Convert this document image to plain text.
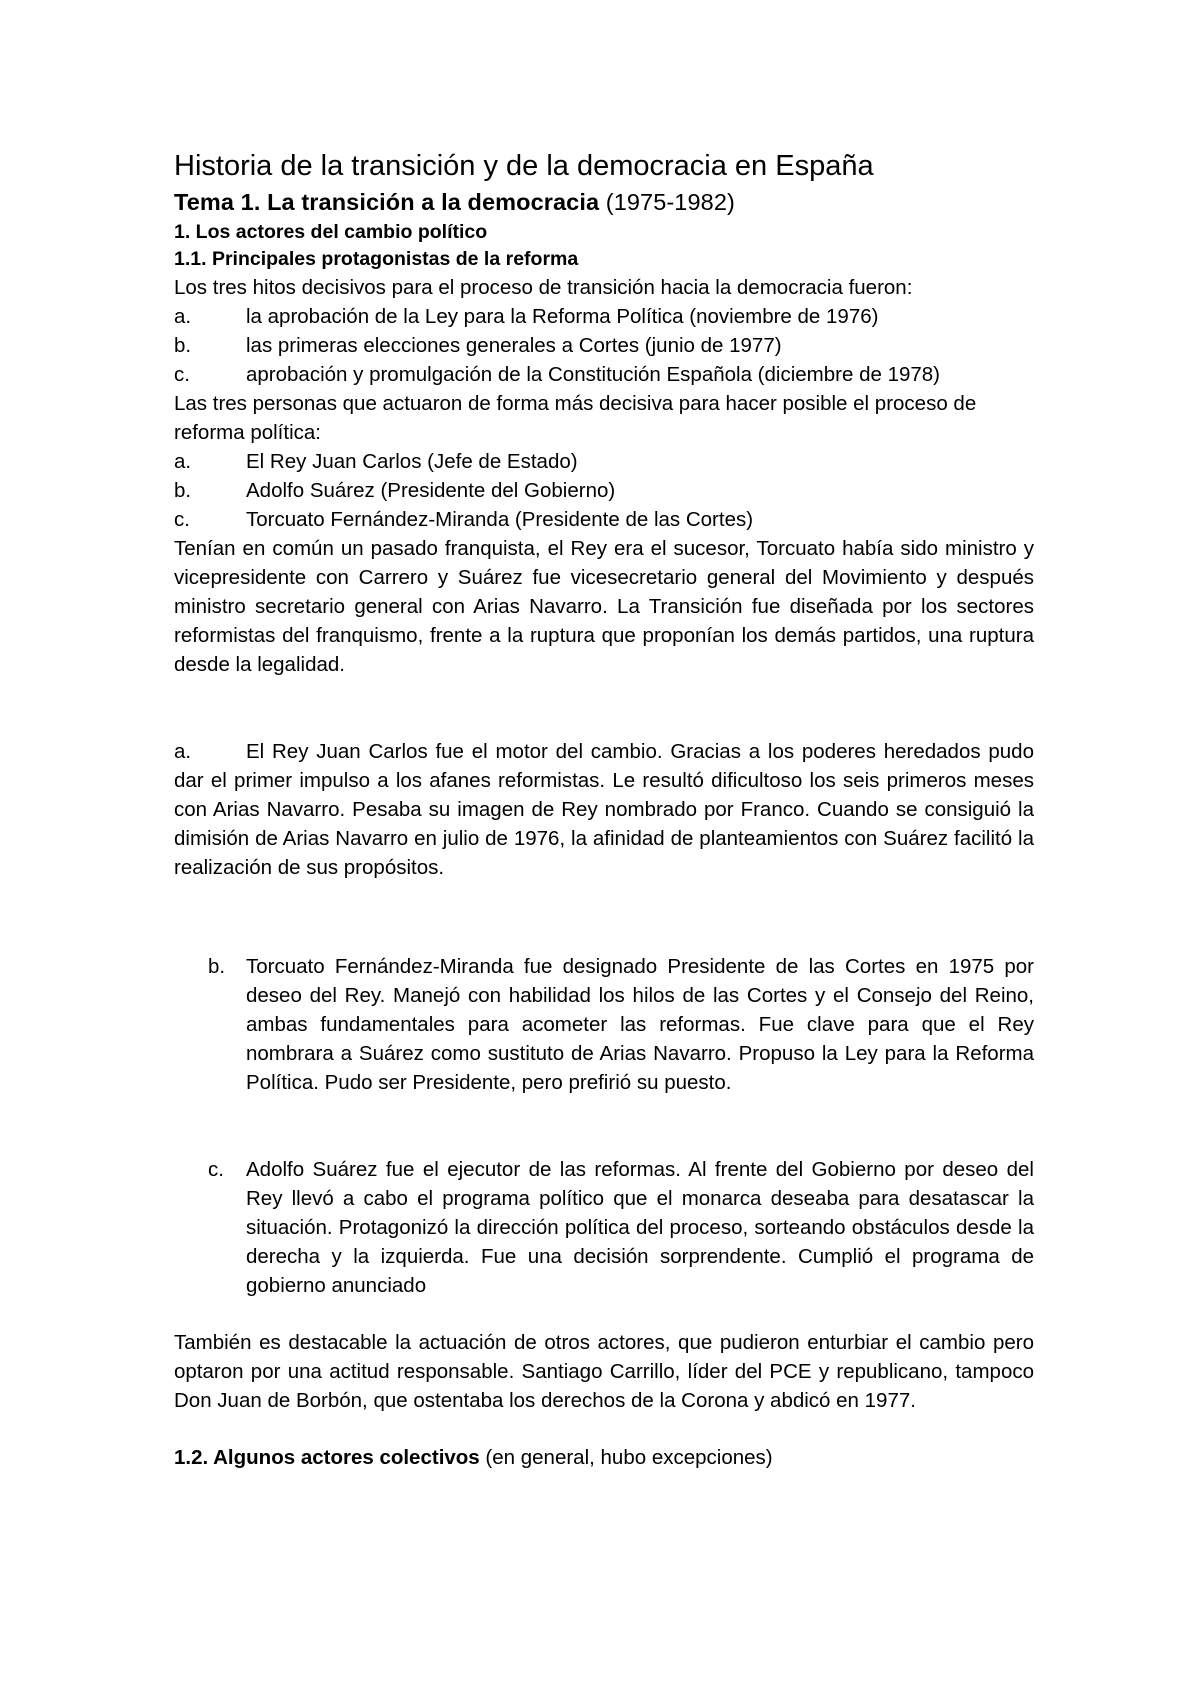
Historia de la transición y de la democracia en España
Tema 1. La transición a la democracia (1975-1982)
1. Los actores del cambio político
1.1. Principales protagonistas de la reforma
Los tres hitos decisivos para el proceso de transición hacia la democracia fueron:
a.	la aprobación de la Ley para la Reforma Política (noviembre de 1976)
b.	las primeras elecciones generales a Cortes (junio de 1977)
c.	aprobación y promulgación de la Constitución Española (diciembre de 1978)
Las tres personas que actuaron de forma más decisiva para hacer posible el proceso de reforma política:
a.	El Rey Juan Carlos (Jefe de Estado)
b.	Adolfo Suárez (Presidente del Gobierno)
c.	Torcuato Fernández-Miranda (Presidente de las Cortes)
Tenían en común un pasado franquista, el Rey era el sucesor, Torcuato había sido ministro y vicepresidente con Carrero y Suárez fue vicesecretario general del Movimiento y después ministro secretario general con Arias Navarro. La Transición fue diseñada por los sectores reformistas del franquismo, frente a la ruptura que proponían los demás partidos, una ruptura desde la legalidad.
a.	El Rey Juan Carlos fue el motor del cambio. Gracias a los poderes heredados pudo dar el primer impulso a los afanes reformistas. Le resultó dificultoso los seis primeros meses con Arias Navarro. Pesaba su imagen de Rey nombrado por Franco. Cuando se consiguió la dimisión de Arias Navarro en julio de 1976, la afinidad de planteamientos con Suárez facilitó la realización de sus propósitos.
b.	Torcuato Fernández-Miranda fue designado Presidente de las Cortes en 1975 por deseo del Rey. Manejó con habilidad los hilos de las Cortes y el Consejo del Reino, ambas fundamentales para acometer las reformas. Fue clave para que el Rey nombrara a Suárez como sustituto de Arias Navarro. Propuso la Ley para la Reforma Política. Pudo ser Presidente, pero prefirió su puesto.
c.	Adolfo Suárez fue el ejecutor de las reformas. Al frente del Gobierno por deseo del Rey llevó a cabo el programa político que el monarca deseaba para desatascar la situación. Protagonizó la dirección política del proceso, sorteando obstáculos desde la derecha y la izquierda. Fue una decisión sorprendente. Cumplió el programa de gobierno anunciado
También es destacable la actuación de otros actores, que pudieron enturbiar el cambio pero optaron por una actitud responsable. Santiago Carrillo, líder del PCE y republicano, tampoco Don Juan de Borbón, que ostentaba los derechos de la Corona y abdicó en 1977.
1.2. Algunos actores colectivos (en general, hubo excepciones)
